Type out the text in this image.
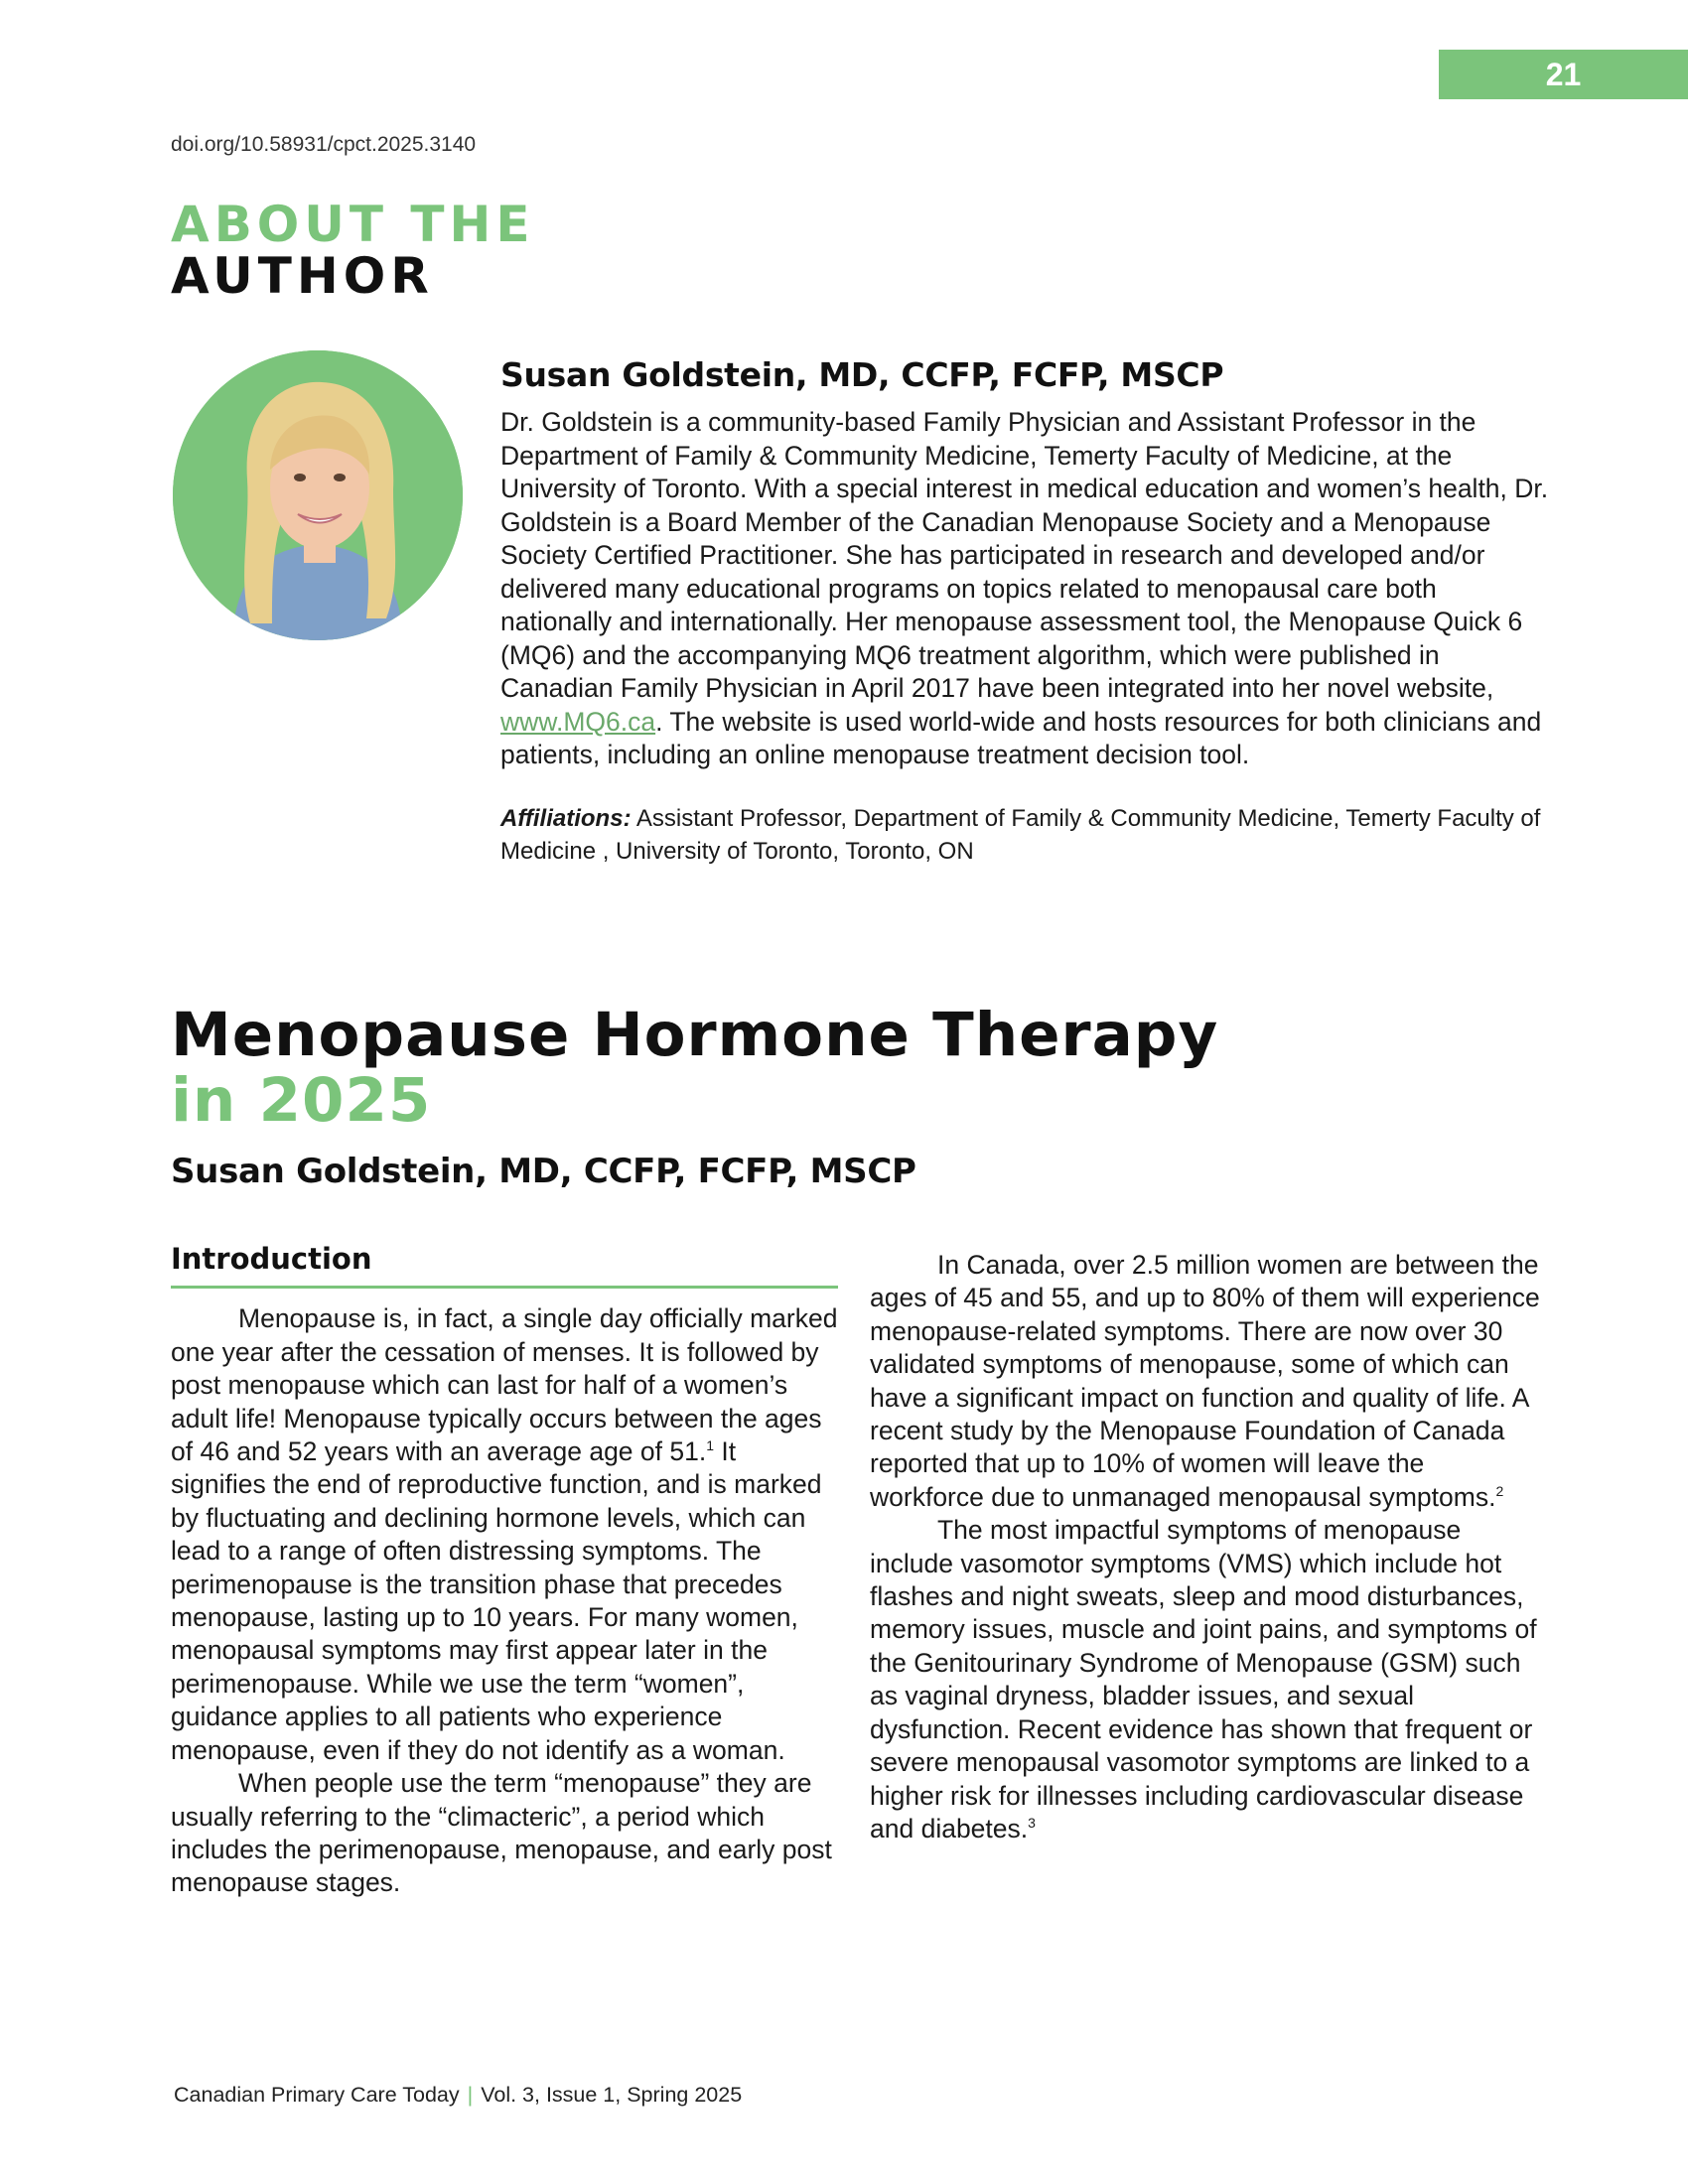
21
doi.org/10.58931/cpct.2025.3140
ABOUT THE
AUTHOR
Susan Goldstein, MD, CCFP, FCFP, MSCP

Dr. Goldstein is a community-based Family Physician and Assistant Professor in the Department of Family & Community Medicine, Temerty Faculty of Medicine, at the University of Toronto. With a special interest in medical education and women’s health, Dr. Goldstein is a Board Member of the Canadian Menopause Society and a Menopause Society Certified Practitioner. She has participated in research and developed and/or delivered many educational programs on topics related to menopausal care both nationally and internationally. Her menopause assessment tool, the Menopause Quick 6 (MQ6) and the accompanying MQ6 treatment algorithm, which were published in Canadian Family Physician in April 2017 have been integrated into her novel website, www.MQ6.ca. The website is used world-wide and hosts resources for both clinicians and patients, including an online menopause treatment decision tool.

Affiliations: Assistant Professor, Department of Family & Community Medicine, Temerty Faculty of Medicine , University of Toronto, Toronto, ON

Menopause Hormone Therapy
in 2025
Susan Goldstein, MD, CCFP, FCFP, MSCP
Introduction

Menopause is, in fact, a single day officially marked one year after the cessation of menses. It is followed by post menopause which can last for half of a women’s adult life! Menopause typically occurs between the ages of 46 and 52 years with an average age of 51.$^1$ It signifies the end of reproductive function, and is marked by fluctuating and declining hormone levels, which can lead to a range of often distressing symptoms. The perimenopause is the transition phase that precedes menopause, lasting up to 10 years. For many women, menopausal symptoms may first appear later in the perimenopause. While we use the term “women”, guidance applies to all patients who experience menopause, even if they do not identify as a woman.

When people use the term “menopause” they are usually referring to the “climacteric”, a period which includes the perimenopause, menopause, and early post menopause stages.

In Canada, over 2.5 million women are between the ages of 45 and 55, and up to 80% of them will experience menopause-related symptoms. There are now over 30 validated symptoms of menopause, some of which can have a significant impact on function and quality of life. A recent study by the Menopause Foundation of Canada reported that up to 10% of women will leave the workforce due to unmanaged menopausal symptoms.$^2$

The most impactful symptoms of menopause include vasomotor symptoms (VMS) which include hot flashes and night sweats, sleep and mood disturbances, memory issues, muscle and joint pains, and symptoms of the Genitourinary Syndrome of Menopause (GSM) such as vaginal dryness, bladder issues, and sexual dysfunction. Recent evidence has shown that frequent or severe menopausal vasomotor symptoms are linked to a higher risk for illnesses including cardiovascular disease and diabetes.$^3$

Canadian Primary Care Today | Vol. 3, Issue 1, Spring 2025
